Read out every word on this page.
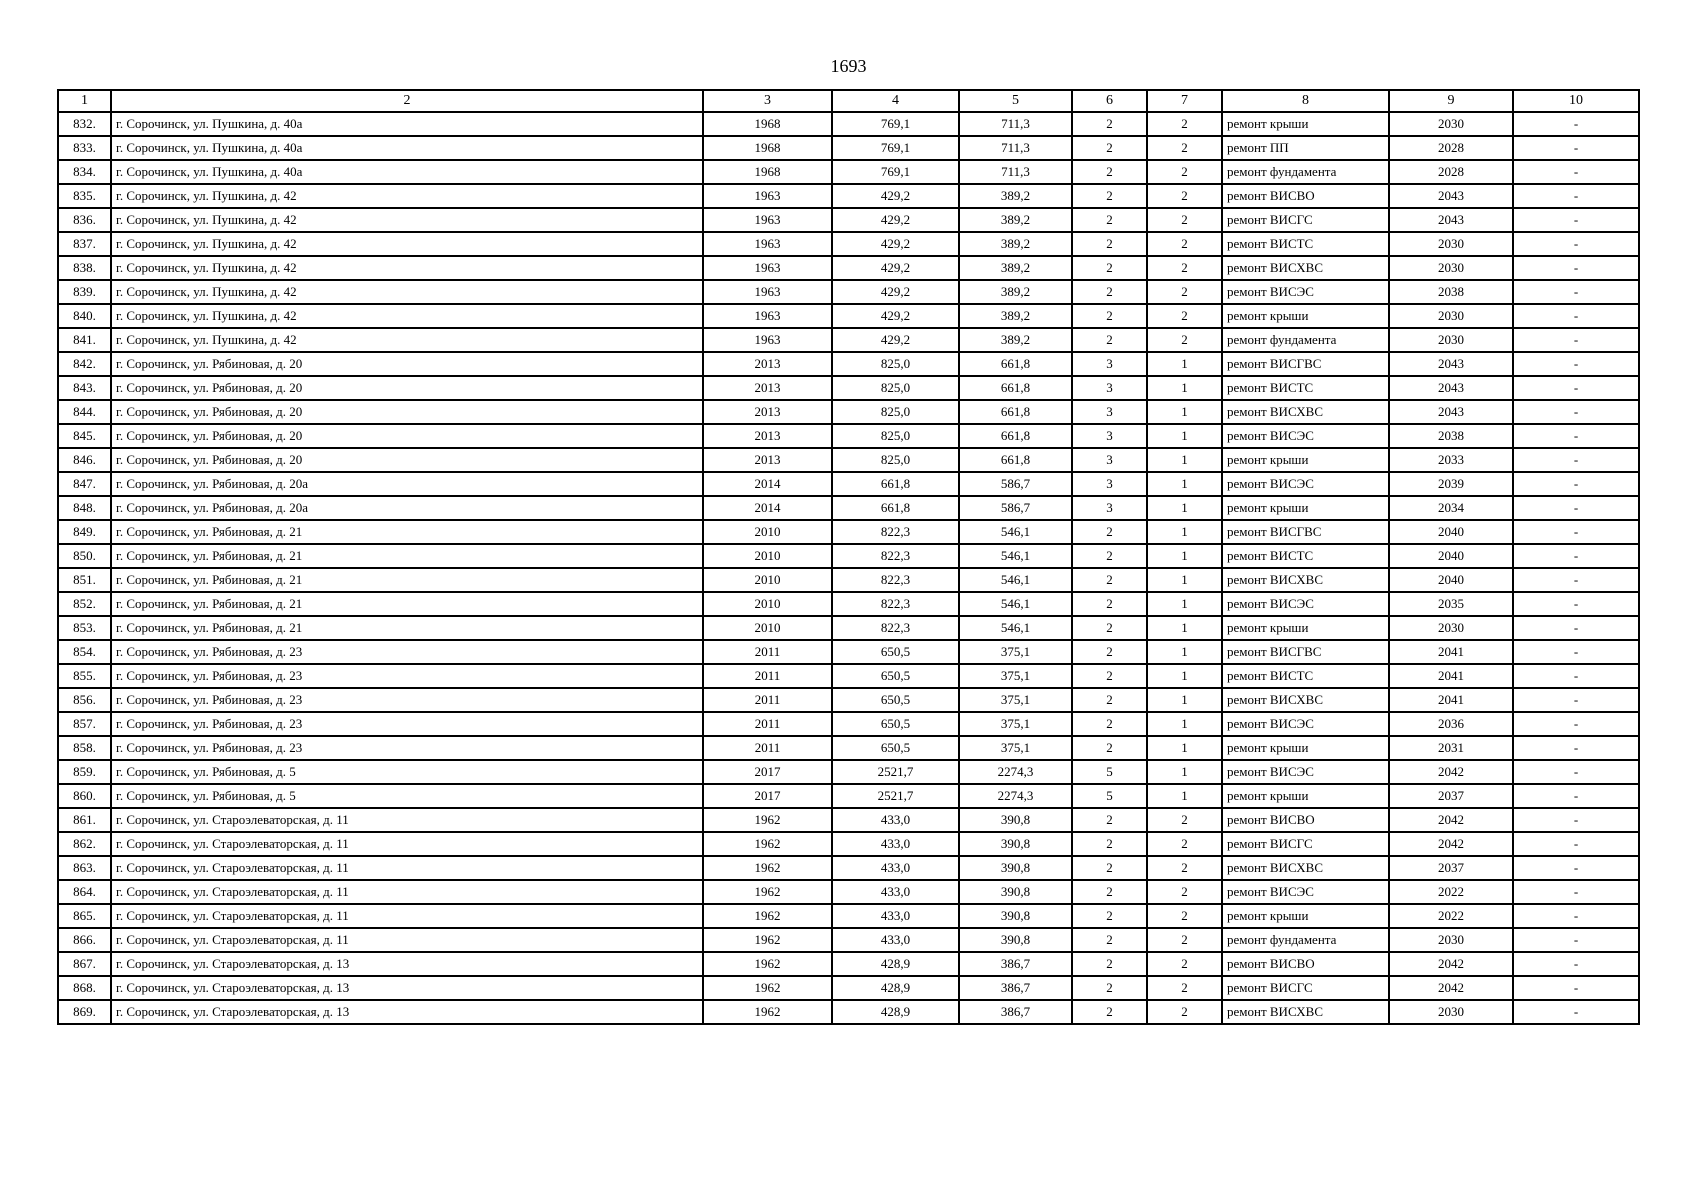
1693
1	2	3	4	5	6	7	8	9	10
832.	г. Сорочинск, ул. Пушкина, д. 40а	1968	769,1	711,3	2	2	ремонт крыши	2030	-
833.	г. Сорочинск, ул. Пушкина, д. 40а	1968	769,1	711,3	2	2	ремонт ПП	2028	-
834.	г. Сорочинск, ул. Пушкина, д. 40а	1968	769,1	711,3	2	2	ремонт фундамента	2028	-
835.	г. Сорочинск, ул. Пушкина, д. 42	1963	429,2	389,2	2	2	ремонт ВИСВО	2043	-
836.	г. Сорочинск, ул. Пушкина, д. 42	1963	429,2	389,2	2	2	ремонт ВИСГС	2043	-
837.	г. Сорочинск, ул. Пушкина, д. 42	1963	429,2	389,2	2	2	ремонт ВИСТС	2030	-
838.	г. Сорочинск, ул. Пушкина, д. 42	1963	429,2	389,2	2	2	ремонт ВИСХВС	2030	-
839.	г. Сорочинск, ул. Пушкина, д. 42	1963	429,2	389,2	2	2	ремонт ВИСЭС	2038	-
840.	г. Сорочинск, ул. Пушкина, д. 42	1963	429,2	389,2	2	2	ремонт крыши	2030	-
841.	г. Сорочинск, ул. Пушкина, д. 42	1963	429,2	389,2	2	2	ремонт фундамента	2030	-
842.	г. Сорочинск, ул. Рябиновая, д. 20	2013	825,0	661,8	3	1	ремонт ВИСГВС	2043	-
843.	г. Сорочинск, ул. Рябиновая, д. 20	2013	825,0	661,8	3	1	ремонт ВИСТС	2043	-
844.	г. Сорочинск, ул. Рябиновая, д. 20	2013	825,0	661,8	3	1	ремонт ВИСХВС	2043	-
845.	г. Сорочинск, ул. Рябиновая, д. 20	2013	825,0	661,8	3	1	ремонт ВИСЭС	2038	-
846.	г. Сорочинск, ул. Рябиновая, д. 20	2013	825,0	661,8	3	1	ремонт крыши	2033	-
847.	г. Сорочинск, ул. Рябиновая, д. 20а	2014	661,8	586,7	3	1	ремонт ВИСЭС	2039	-
848.	г. Сорочинск, ул. Рябиновая, д. 20а	2014	661,8	586,7	3	1	ремонт крыши	2034	-
849.	г. Сорочинск, ул. Рябиновая, д. 21	2010	822,3	546,1	2	1	ремонт ВИСГВС	2040	-
850.	г. Сорочинск, ул. Рябиновая, д. 21	2010	822,3	546,1	2	1	ремонт ВИСТС	2040	-
851.	г. Сорочинск, ул. Рябиновая, д. 21	2010	822,3	546,1	2	1	ремонт ВИСХВС	2040	-
852.	г. Сорочинск, ул. Рябиновая, д. 21	2010	822,3	546,1	2	1	ремонт ВИСЭС	2035	-
853.	г. Сорочинск, ул. Рябиновая, д. 21	2010	822,3	546,1	2	1	ремонт крыши	2030	-
854.	г. Сорочинск, ул. Рябиновая, д. 23	2011	650,5	375,1	2	1	ремонт ВИСГВС	2041	-
855.	г. Сорочинск, ул. Рябиновая, д. 23	2011	650,5	375,1	2	1	ремонт ВИСТС	2041	-
856.	г. Сорочинск, ул. Рябиновая, д. 23	2011	650,5	375,1	2	1	ремонт ВИСХВС	2041	-
857.	г. Сорочинск, ул. Рябиновая, д. 23	2011	650,5	375,1	2	1	ремонт ВИСЭС	2036	-
858.	г. Сорочинск, ул. Рябиновая, д. 23	2011	650,5	375,1	2	1	ремонт крыши	2031	-
859.	г. Сорочинск, ул. Рябиновая, д. 5	2017	2521,7	2274,3	5	1	ремонт ВИСЭС	2042	-
860.	г. Сорочинск, ул. Рябиновая, д. 5	2017	2521,7	2274,3	5	1	ремонт крыши	2037	-
861.	г. Сорочинск, ул. Староэлеваторская, д. 11	1962	433,0	390,8	2	2	ремонт ВИСВО	2042	-
862.	г. Сорочинск, ул. Староэлеваторская, д. 11	1962	433,0	390,8	2	2	ремонт ВИСГС	2042	-
863.	г. Сорочинск, ул. Староэлеваторская, д. 11	1962	433,0	390,8	2	2	ремонт ВИСХВС	2037	-
864.	г. Сорочинск, ул. Староэлеваторская, д. 11	1962	433,0	390,8	2	2	ремонт ВИСЭС	2022	-
865.	г. Сорочинск, ул. Староэлеваторская, д. 11	1962	433,0	390,8	2	2	ремонт крыши	2022	-
866.	г. Сорочинск, ул. Староэлеваторская, д. 11	1962	433,0	390,8	2	2	ремонт фундамента	2030	-
867.	г. Сорочинск, ул. Староэлеваторская, д. 13	1962	428,9	386,7	2	2	ремонт ВИСВО	2042	-
868.	г. Сорочинск, ул. Староэлеваторская, д. 13	1962	428,9	386,7	2	2	ремонт ВИСГС	2042	-
869.	г. Сорочинск, ул. Староэлеваторская, д. 13	1962	428,9	386,7	2	2	ремонт ВИСХВС	2030	-
